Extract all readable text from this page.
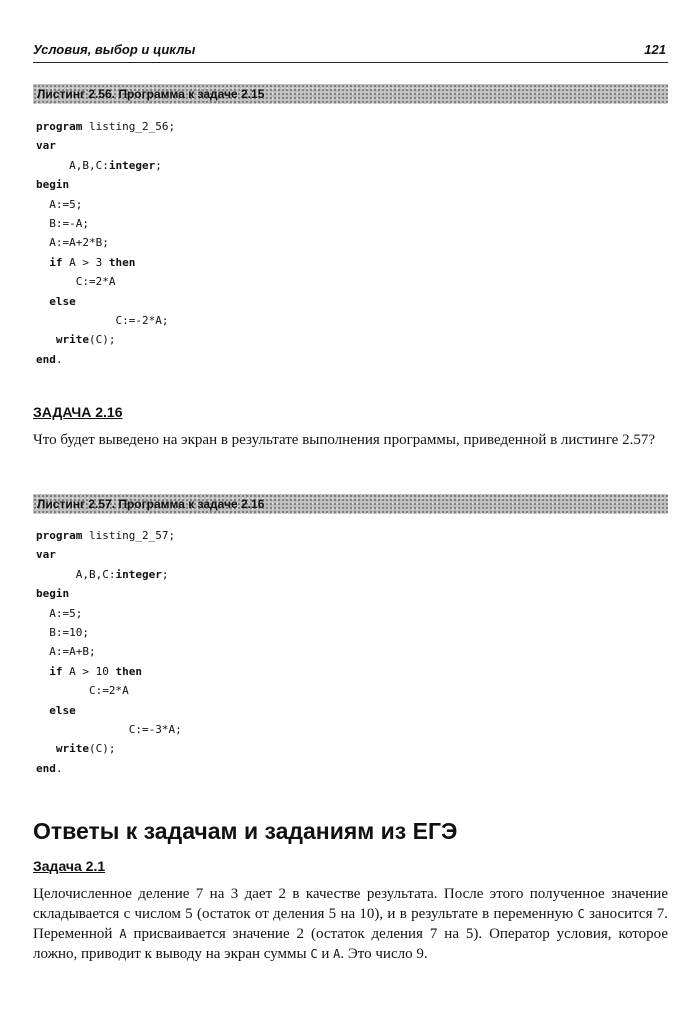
Условия, выбор и циклы	121
Листинг 2.56. Программа к задаче 2.15
program listing_2_56;
var
A,B,C:integer;
begin
A:=5;
B:=-A;
A:=A+2*B;
if A > 3 then
C:=2*A
else
C:=-2*A;
write(C);
end.
ЗАДАЧА 2.16

Что будет выведено на экран в результате выполнения программы, приведенной в листинге 2.57?

Листинг 2.57. Программа к задаче 2.16
program listing_2_57;
var
A,B,C:integer;
begin
A:=5;
B:=10;
A:=A+B;
if A > 10 then
C:=2*A
else
C:=-3*A;
write(C);
end.
Ответы к задачам и заданиям из ЕГЭ
Задача 2.1

Целочисленное деление 7 на 3 дает 2 в качестве результата. После этого полученное значение складывается с числом 5 (остаток от деления 5 на 10), и в результате в переменную C заносится 7. Переменной A присваивается значение 2 (остаток деления 7 на 5). Оператор условия, которое ложно, приводит к выводу на экран суммы C и A. Это число 9.
